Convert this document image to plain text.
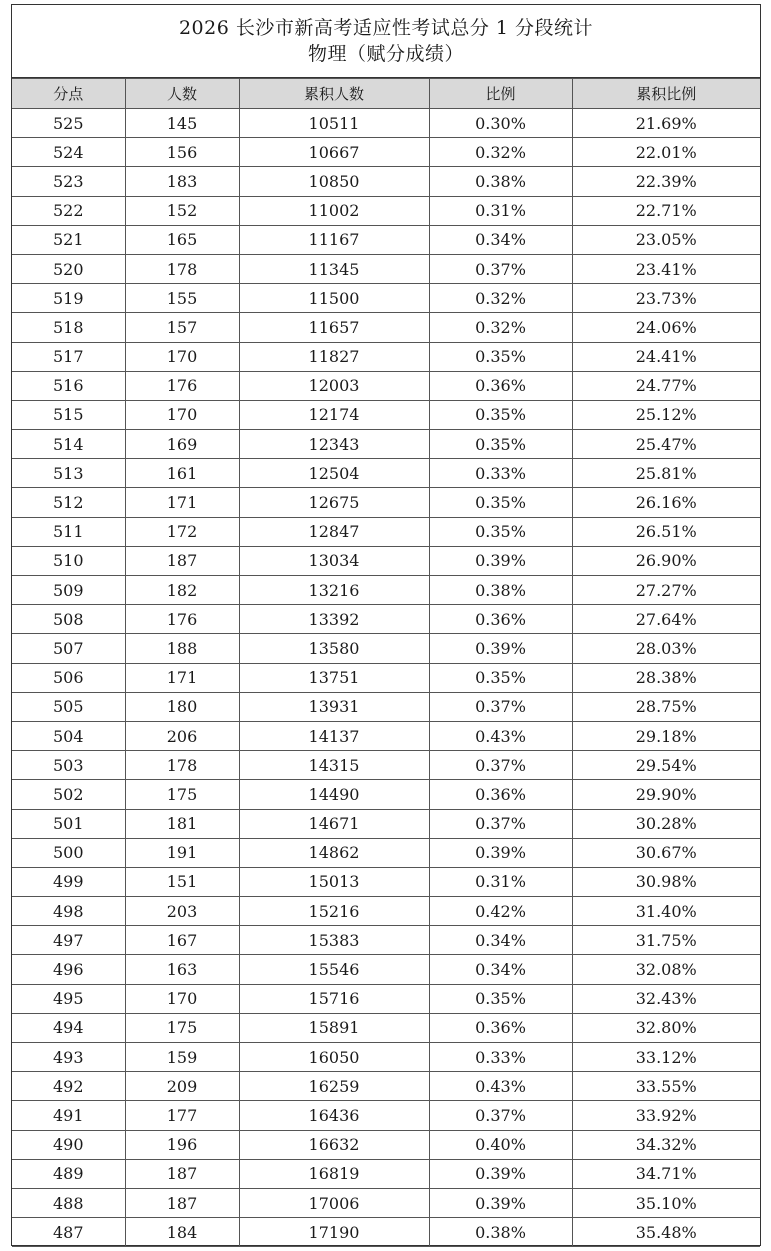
2026 长沙市新高考适应性考试总分 1 分段统计
物理（赋分成绩）
分点	人数	累积人数	比例	累积比例
525	145	10511	0.30%	21.69%
524	156	10667	0.32%	22.01%
523	183	10850	0.38%	22.39%
522	152	11002	0.31%	22.71%
521	165	11167	0.34%	23.05%
520	178	11345	0.37%	23.41%
519	155	11500	0.32%	23.73%
518	157	11657	0.32%	24.06%
517	170	11827	0.35%	24.41%
516	176	12003	0.36%	24.77%
515	170	12174	0.35%	25.12%
514	169	12343	0.35%	25.47%
513	161	12504	0.33%	25.81%
512	171	12675	0.35%	26.16%
511	172	12847	0.35%	26.51%
510	187	13034	0.39%	26.90%
509	182	13216	0.38%	27.27%
508	176	13392	0.36%	27.64%
507	188	13580	0.39%	28.03%
506	171	13751	0.35%	28.38%
505	180	13931	0.37%	28.75%
504	206	14137	0.43%	29.18%
503	178	14315	0.37%	29.54%
502	175	14490	0.36%	29.90%
501	181	14671	0.37%	30.28%
500	191	14862	0.39%	30.67%
499	151	15013	0.31%	30.98%
498	203	15216	0.42%	31.40%
497	167	15383	0.34%	31.75%
496	163	15546	0.34%	32.08%
495	170	15716	0.35%	32.43%
494	175	15891	0.36%	32.80%
493	159	16050	0.33%	33.12%
492	209	16259	0.43%	33.55%
491	177	16436	0.37%	33.92%
490	196	16632	0.40%	34.32%
489	187	16819	0.39%	34.71%
488	187	17006	0.39%	35.10%
487	184	17190	0.38%	35.48%
